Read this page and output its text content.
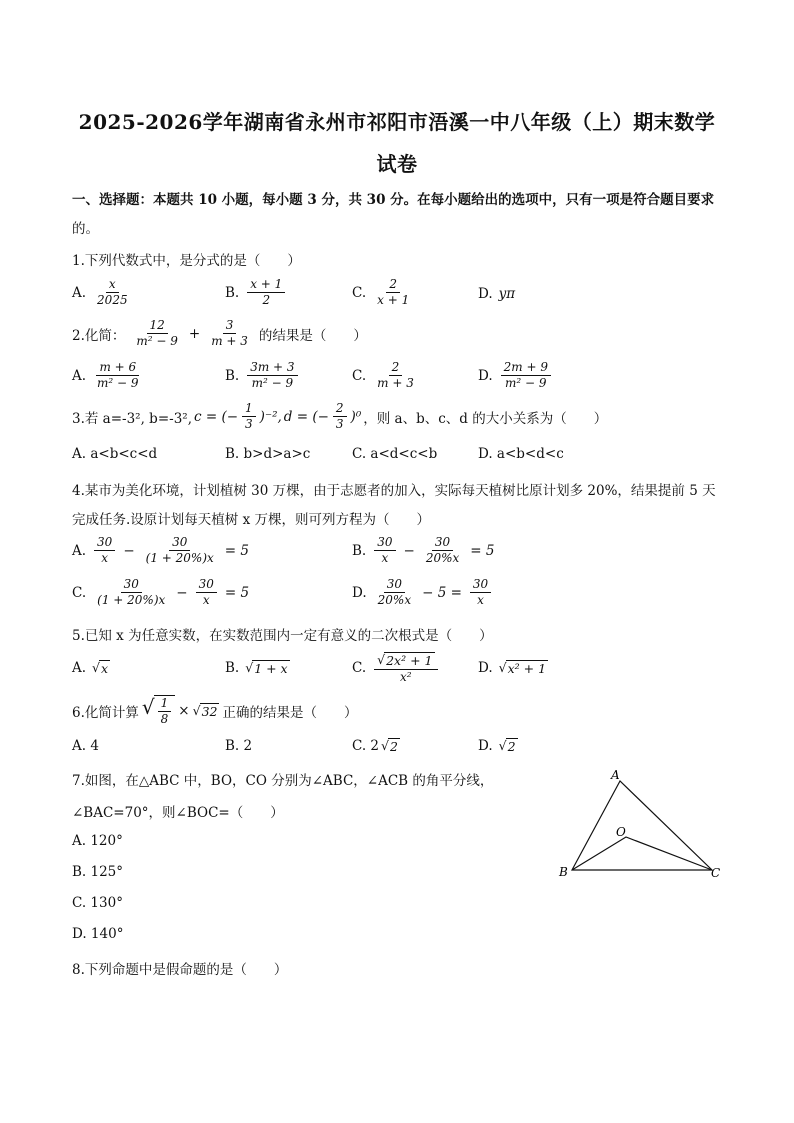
2025-2026学年湖南省永州市祁阳市浯溪一中八年级（上）期末数学
试卷
一、选择题：本题共 10 小题，每小题 3 分，共 30 分。在每小题给出的选项中，只有一项是符合题目要求
的。
1.下列代数式中，是分式的是（　　）
A. $\frac{x}{2025}$	B. $\frac{x + 1}{2}$	C. $\frac{2}{x + 1}$	D. yπ
2.化简： $\frac{12}{\text{m² − 9}} + \frac{3}{m + 3}$ 的结果是（　　）
A. $\frac{m + 6}{\text{m² − 9}}$	B. $\frac{3m + 3}{\text{m² − 9}}$	C. $\frac{2}{m + 3}$	D. $\frac{2m + 9}{\text{m² − 9}}$
3.若 a=-3², b=-3², c = (− $\frac{1}{3} )^{-2}$, d = (− $\frac{2}{3} )^0$ ，则 a、b、c、d 的大小关系为（　　）
A. a<b<c<d	B. b>d>a>c	C. a<d<c<b	D. a<b<d<c
4.某市为美化环境，计划植树 30 万棵，由于志愿者的加入，实际每天植树比原计划多 20%，结果提前 5 天
完成任务.设原计划每天植树 x 万棵，则可列方程为（　　）
A. $\frac{30}{x} - \frac{30}{(1 + 20\%)x} = 5$	B. $\frac{30}{x} - \frac{30}{20\%x} = 5$
C. $\frac{30}{(1 + 20\%)x} - \frac{30}{x} = 5$	D. $\frac{30}{20\%x} - 5 = \frac{30}{x}$
5.已知 x 为任意实数，在实数范围内一定有意义的二次根式是（　　）
A. √ x	B. √ 1 + x	C. $\frac{\text{√ 2x² + 1}}{\text{x²}}$	D. √ x² + 1
6.化简计算 √ $\frac{1}{8}$ × √ 32 正确的结果是（　　）
A. 4	B. 2	C. 2 √ 2	D. √ 2
7.如图，在△ABC 中，BO，CO 分别为∠ABC，∠ACB 的角平分线，
∠BAC=70°，则∠BOC=（　　）
A. 120°
B. 125°
C. 130°
D. 140°
A
B	C
O
8.下列命题中是假命题的是（　　）
